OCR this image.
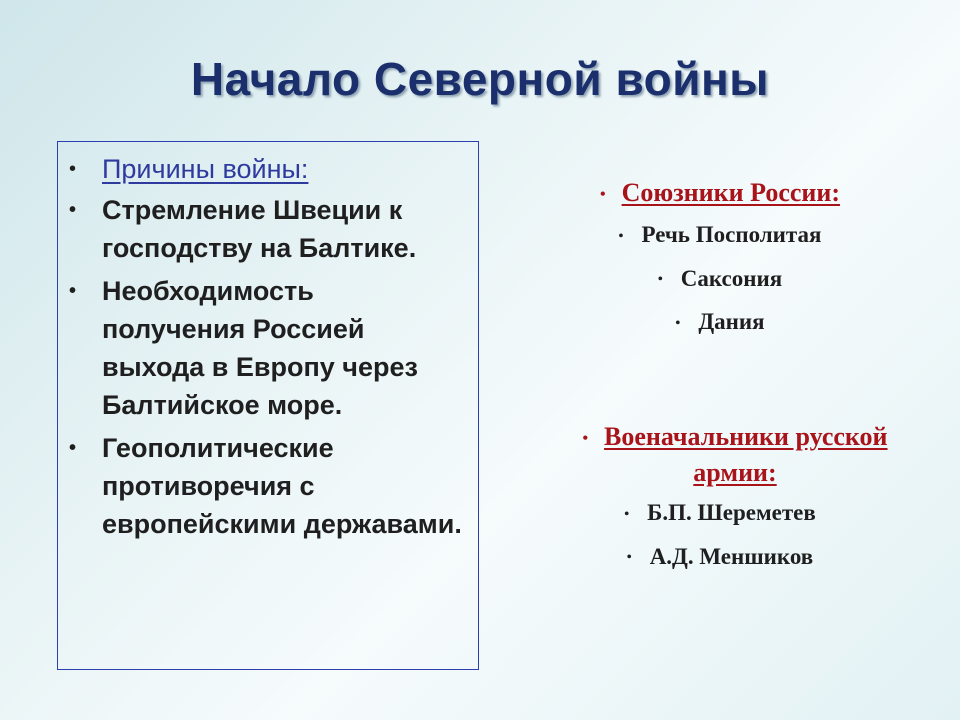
Начало Северной войны
• Причины войны:
• Стремление Швеции к господству на Балтике.
• Необходимость получения Россией выхода в Европу через Балтийское море.
• Геополитические противоречия с европейскими державами.
• Союзники России:
• Речь Посполитая
• Саксония
• Дания
• Военачальники русской
армии:
• Б.П. Шереметев
• А.Д. Меншиков
